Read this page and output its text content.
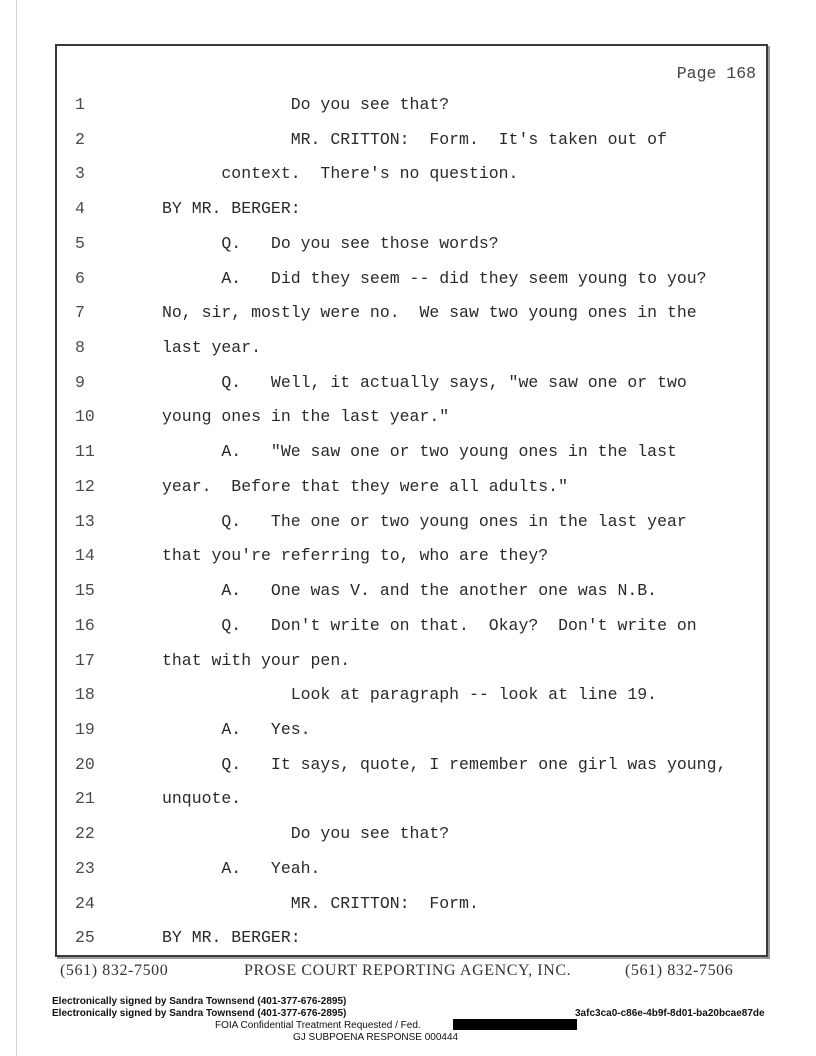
Page 168
1	Do you see that?
2	MR. CRITTON:  Form.  It's taken out of
3	context.  There's no question.
4	BY MR. BERGER:
5	Q.   Do you see those words?
6	A.   Did they seem -- did they seem young to you?
7	No, sir, mostly were no.  We saw two young ones in the
8	last year.
9	Q.   Well, it actually says, "we saw one or two
10	young ones in the last year."
11	A.   "We saw one or two young ones in the last
12	year.  Before that they were all adults."
13	Q.   The one or two young ones in the last year
14	that you're referring to, who are they?
15	A.   One was V. and the another one was N.B.
16	Q.   Don't write on that.  Okay?  Don't write on
17	that with your pen.
18	Look at paragraph -- look at line 19.
19	A.   Yes.
20	Q.   It says, quote, I remember one girl was young,
21	unquote.
22	Do you see that?
23	A.   Yeah.
24	MR. CRITTON:  Form.
25	BY MR. BERGER:
(561) 832-7500	PROSE COURT REPORTING AGENCY, INC.	(561) 832-7506
Electronically signed by Sandra Townsend (401-377-676-2895)
Electronically signed by Sandra Townsend (401-377-676-2895)	3afc3ca0-c86e-4b9f-8d01-ba20bcae87de
FOIA Confidential Treatment Requested / Fed.
GJ SUBPOENA RESPONSE 000444
